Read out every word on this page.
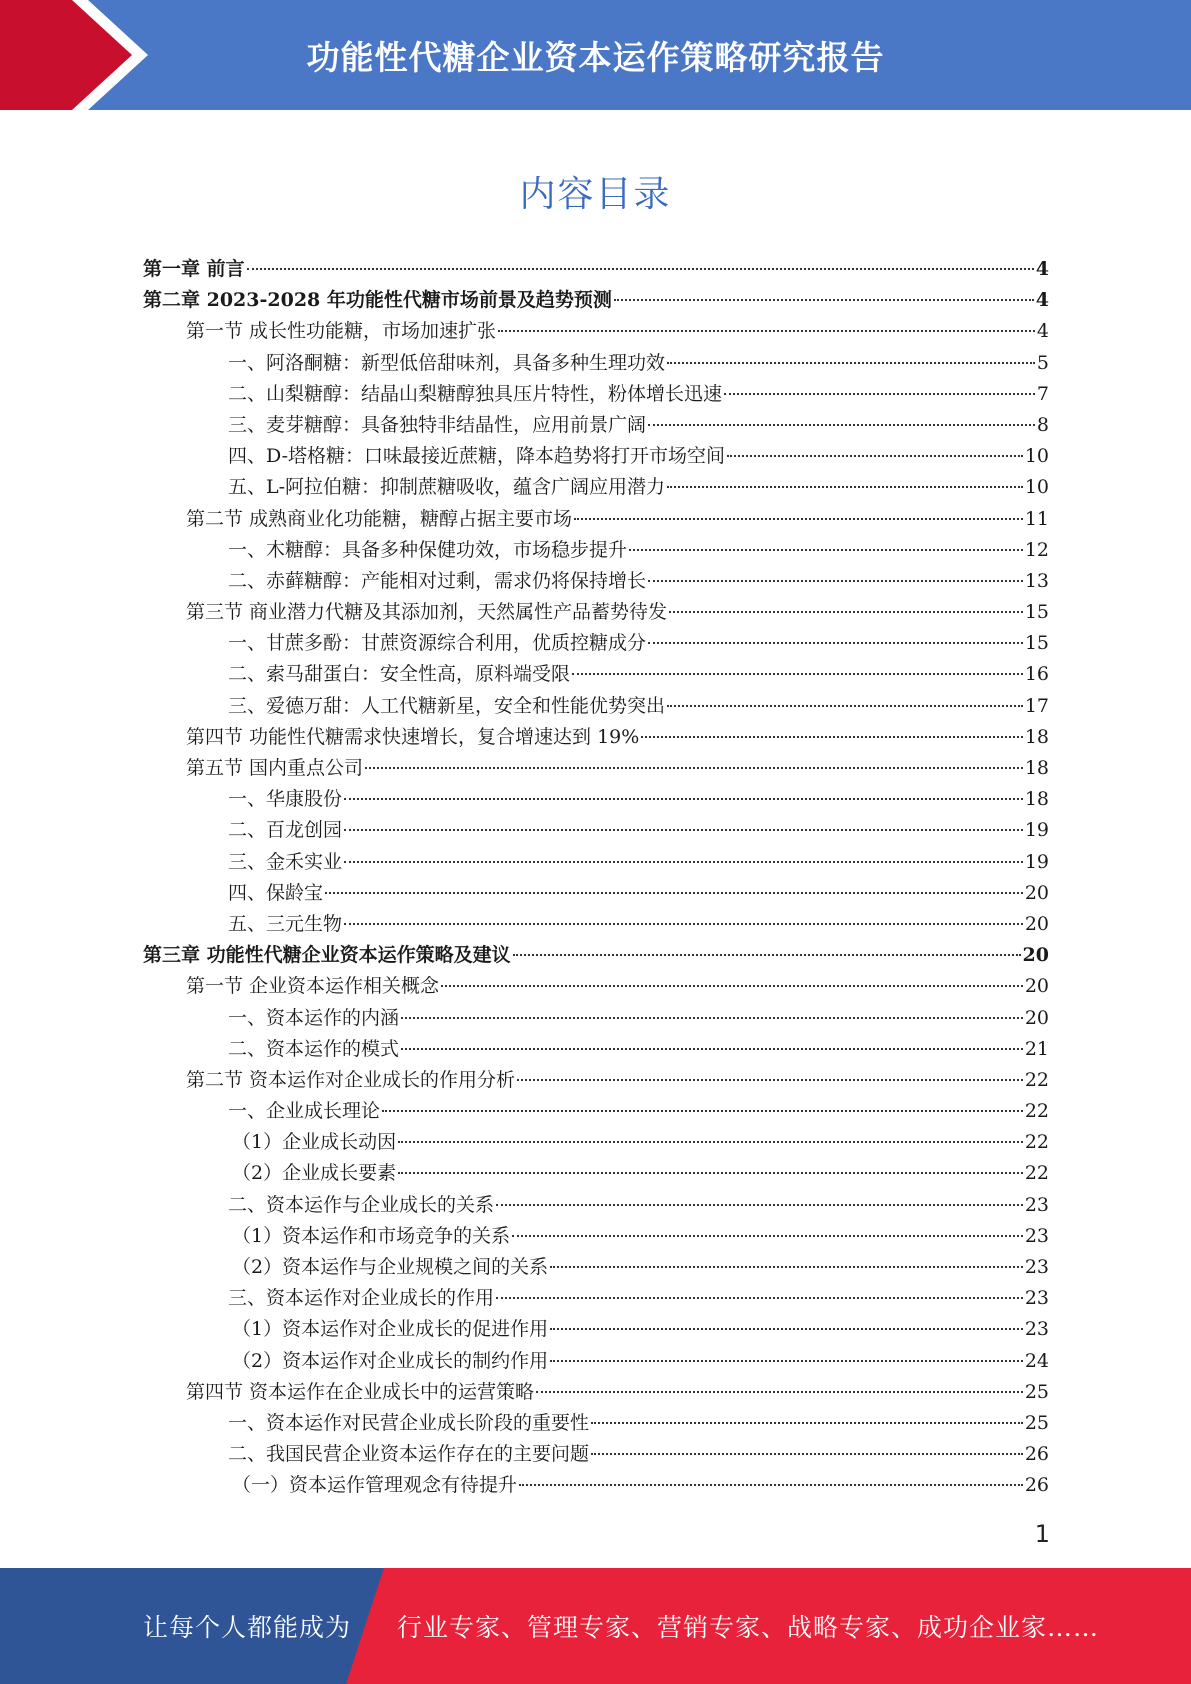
功能性代糖企业资本运作策略研究报告
内容目录
第一章 前言	4
第二章 2023-2028 年功能性代糖市场前景及趋势预测	4
第一节 成长性功能糖，市场加速扩张	4
一、阿洛酮糖：新型低倍甜味剂，具备多种生理功效	5
二、山梨糖醇：结晶山梨糖醇独具压片特性，粉体增长迅速	7
三、麦芽糖醇：具备独特非结晶性，应用前景广阔	8
四、D-塔格糖：口味最接近蔗糖，降本趋势将打开市场空间	10
五、L-阿拉伯糖：抑制蔗糖吸收，蕴含广阔应用潜力	10
第二节 成熟商业化功能糖，糖醇占据主要市场	11
一、木糖醇：具备多种保健功效，市场稳步提升	12
二、赤藓糖醇：产能相对过剩，需求仍将保持增长	13
第三节 商业潜力代糖及其添加剂，天然属性产品蓄势待发	15
一、甘蔗多酚：甘蔗资源综合利用，优质控糖成分	15
二、索马甜蛋白：安全性高，原料端受限	16
三、爱德万甜：人工代糖新星，安全和性能优势突出	17
第四节 功能性代糖需求快速增长，复合增速达到 19%	18
第五节 国内重点公司	18
一、华康股份	18
二、百龙创园	19
三、金禾实业	19
四、保龄宝	20
五、三元生物	20
第三章 功能性代糖企业资本运作策略及建议	20
第一节 企业资本运作相关概念	20
一、资本运作的内涵	20
二、资本运作的模式	21
第二节 资本运作对企业成长的作用分析	22
一、企业成长理论	22
（1）企业成长动因	22
（2）企业成长要素	22
二、资本运作与企业成长的关系	23
（1）资本运作和市场竞争的关系	23
（2）资本运作与企业规模之间的关系	23
三、资本运作对企业成长的作用	23
（1）资本运作对企业成长的促进作用	23
（2）资本运作对企业成长的制约作用	24
第四节 资本运作在企业成长中的运营策略	25
一、资本运作对民营企业成长阶段的重要性	25
二、我国民营企业资本运作存在的主要问题	26
（一）资本运作管理观念有待提升	26
1
让每个人都能成为 行业专家、管理专家、营销专家、战略专家、成功企业家……
